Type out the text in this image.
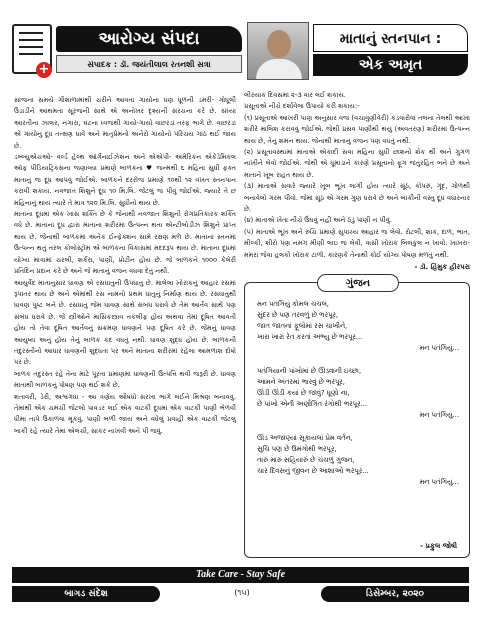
+
આરોગ્ય સંપદા
સંપાદક : ડૉ. જયંતીલાલ રતનશી સત્રા
માતાનું સ્તનપાન :
એક અમૃત

સાંજના સમયે ગૌશાળામાંથી ચરીને આવતા ગાયોના ધણ ધૂળની ડમરી- ગોધૂલી ઉડાડીને આથમતા સૂરજની સાથે એ અનોખર દૃશ્યની સંરચના કરે છે. સંધ્યા આરતીના ઝાલર, નગારા, ઘંટના ધ્વજથી ગાયો-ગાયો વાછરડાં તરફ ભાગે છે. વાછરડાં એ ગાયોનું દૂધ તત્ક્ષણ ધાવે અને માતૃપ્રેમનો અનેરો ગાયોનો પરિચય ગાંઠ થઈ જાય છે.

ડબ્લ્યુએચઓ- વર્લ્ડ હેલ્થ ઑર્ગેનાઈઝેશન અને એએપી- અમેરિકન એકેડેમિકલ ઑફ પીડિયાટ્રિકસના જણાવ્યા પ્રમાણે બાળકના ♥ જન્મથી ૬ મહિના સુધી ફક્ત માતાનું જ દૂધ આપવું જોઈએ. બાળકને દરરોજ પ્રમાણે ૧૦થી ૧૨ વખત સ્તનપાન કરાવી શકાય. નવજાત શિશુને દૂધ ૧૦ મિ.લિ. જેટલું જ પીવું જોઈએ. જ્યારે તે છ મહિનાનું થાય ત્યારે તે માત્ર ૧૨૦ મિ.લિ. સુધીનો થાય છે.

માતાના દૂધમાં એક ખાસ શક્તિ છે કે જેનાથી નવજાત શિશુની રોગપ્રતિકારક શક્તિ વધે છે. માતાનાં દૂધ દ્વારા માતાના શરીરમાં ઉત્પન્ન થતા એન્ટીબોડીઝ શિશુને પ્રાપ્ત થાય છે. જેનાથી બાળકમાં અનેક ઈન્ફેક્શન સામે રક્ષણ મળે છે. માતાનાં સ્તનમાં ઉત્પન્ન થતું તરલ કોલોસ્ટ્રોમ એ બાળકના વિકાસમાં મદદરૂપ થાય છે. માતાના દૂધમાં યોગ્ય માત્રામાં ચરબી, શર્કરા, પાણી, પ્રોટીન હોય છે. જે બાળકને ૧૦૦૦ કેલેરી પ્રતિદિન પ્રદાન કરે છે અને જે માતાનું વજન વધવા દેતું નથી.

આયુર્વેદ માતાનુસાર ધાવણ એ રસધાતુની ઉપધાતુ છે. માલેલા ખોરાકનું આહાર રસમાં રૂપાંતર થાય છે અને એમાંથી રસ નામનો પ્રથમ ધાતુનું નિર્માણ થાય છે. રસધાતુથી ધાવણ પુષ્ટ બને છે. રસધાતુ જેમ ધાવણ સાથે સંબંધ ધરાવે છે તેમ આર્તવ સાથે પણ સંબંધ ધરાવે છે. જે સ્ત્રીઓને માસિકસ્ત્રાવ તકલીફ હોય અથવા તેમાં દૂષિત આવતી હોય તો તેવા દૂષિત આર્તવનું સંક્રમણ ધાવણને પણ દૂષિત કરે છે. જેમનું ધાવણ આયુષ્ય અનું હોય તેનું બાળક કદ વધતું નથી. ધાવણ શુદ્ધ હોય છે. બાળકની તંદુરસ્તીનો આધાર ધાવણની શુદ્ધતા પર અને માતાના શરીરમાં રહેલા આમળાશ દોષો પર છે.

બાળક તંદુરસ્ત રહે તેના માટે પૂરતા પ્રમાણમાં ધાવણની ઉત્પત્તિ થવી જરૂરી છે. ધાવણ માતાથી બાળકનું પોષણ પણ થઈ શકે છે.

શતાવરી, ડેરી, અશ્વગંધા - આ ત્રણેય ઔષધો સરખા ભાગે લઈને મિશ્રણ બનાવવું. તેમાંથી એક ચમચી જેટલો પાવડર લઈ એક વાટકી દૂધમાં એક વાટકી પાણી ભેળવી ધીમા તાપે ઉકાળવા મૂકવું. પાણી બળી જાય અને વધેલું પ્રવાહી એક વાટકી જેટલું બાકી રહે ત્યારે તેમાં એલચી, સાકર નાખવી અને પી જવું.

લીરયાક દિવસમાં ૨-૩ વાર લઈ શકાય.

પ્રસૂતાએ નીચે દર્શાવેલા ઉપાયો કરી શકાય:-

(૧) પ્રસૂતાએ આખરી પાણ અનુસાર વજ (વચાવુણીવેરી) કડવારોવા તલના તેલથી આખા શરીરે માલિશ કરાવવું જોઈએ. જેથી પ્રસવ પાણીથી થયું (અવતરણ) શરીરમાં ઉત્પન્ન થાય છે, તેનું શમન થાય. જેનાથી માતાનું વજન પણ વધતું નથી.

(૨) પ્રસૂતાવસ્થામાં માતાએ એકાદી સવા મહિના સુધી છાશનો શેક થી અને ગુગળ નાખીને લેવો જોઈએ. જેથી એ ધૂમાડાને કારણે પ્રસૂતાનો ફૂગ જંતુરહિત બને છે અને માતાને ખૂબ રાહત થાય છે.

(૩) માતાએ સવારે જ્યારે ખૂબ ભૂખ લાગી હોય ત્યારે સૂંઠ, કોપરું, ગૂંદ, ગોળથી બનાવેલો ગરમ પીવો. જેમાં સૂંઠ એ ગરમ ગુણ ધરાવે છે અને બાકીની વસ્તુ દૂધ વધારનાર છે.

(૪) માતાએ ખેતા નીચે ઉંઘવું નહીં અને ઠંડું પાણી ન પીવું.

(૫) માતાએ ભૂખ અને રુચિ પ્રમાણે સુપાચ્ય આહાર જ લેવો. રોટલી, શાક, દાળ, ભાત, મીલ્કી, શીરો પણ નમગ મીણી લાઇ જ લેવી, વાસી ખોરાક બિલકુલ ન ખાવો. ખાખરા-મમરા જેવા હલકો ખોરાક ટાળો. કારણકે તેનાથી કોઈ યોગ્ય પોષણ મળતું નથી.

- ડૉ. હિંમુક હીરપરા
ગુંજન

મન પતંગિયું કોમલ ચંચલ,

સુંદર છે પણ તરવળું છે ભરપૂર,

જાત જાતનાં ફૂલોમાં રસ ચાખીને,

ખારા ખારાં રેત કરતાં અભ્યુ છે ભરપૂર...

મન પતંગિયું...

પતંગિયાની પાંખોમાં છે ઊંડવાની ઇચ્છા,

આમને અંતરમાં ભારવું છે ભરપૂર,

ઊંડી ઊંડી કયાં છે જાવું? ધૂણો ના,

છે પાંખો એની અર્ણાગિત રંગોથી ભરપૂર...

મન પતંગિયું...

ઊંડ અજાણ્યાં સૂકાયલાં પ્રેમ વર્તન,

સુચિ પણ છે ઉમંગોથી ભરપૂર,

તારું મારું સહિયારું છે ચંચળું ગુંજન,

ચાર દિવસનું જીવન છે આશાઓ ભરપૂર...

મન પતંગિયું...

- પ્રફુલ જોષી
Take Care - Stay Safe
બાગડ સંદેશ	(૧૫)	ડિસેમ્બર, ૨૦૨૦
